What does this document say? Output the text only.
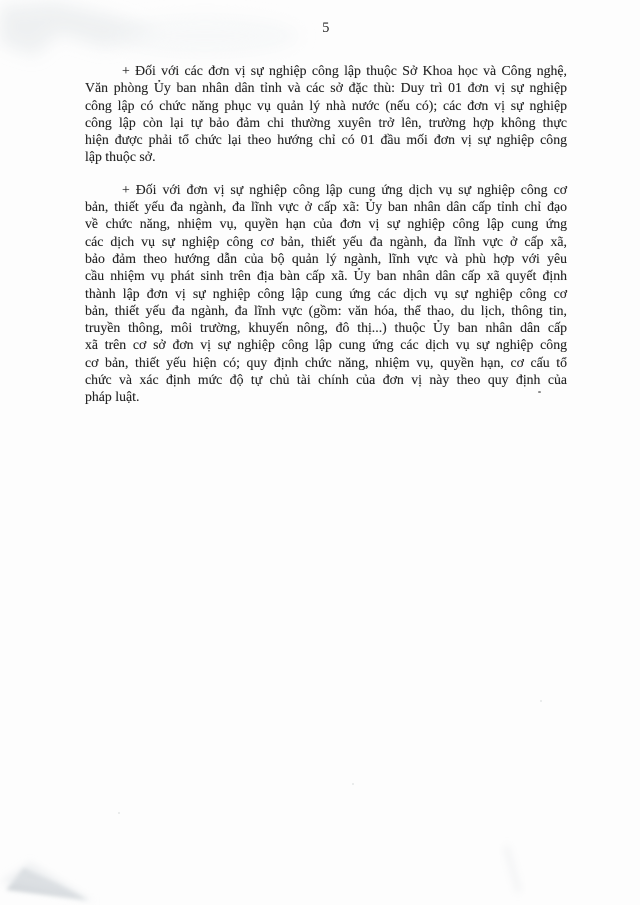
5
+ Đối với các đơn vị sự nghiệp công lập thuộc Sở Khoa học và Công nghệ,
Văn phòng Ủy ban nhân dân tỉnh và các sở đặc thù: Duy trì 01 đơn vị sự nghiệp
công lập có chức năng phục vụ quản lý nhà nước (nếu có); các đơn vị sự nghiệp
công lập còn lại tự bảo đảm chi thường xuyên trở lên, trường hợp không thực
hiện được phải tổ chức lại theo hướng chỉ có 01 đầu mối đơn vị sự nghiệp công
lập thuộc sở.
+ Đối với đơn vị sự nghiệp công lập cung ứng dịch vụ sự nghiệp công cơ
bản, thiết yếu đa ngành, đa lĩnh vực ở cấp xã: Ủy ban nhân dân cấp tỉnh chỉ đạo
về chức năng, nhiệm vụ, quyền hạn của đơn vị sự nghiệp công lập cung ứng
các dịch vụ sự nghiệp công cơ bản, thiết yếu đa ngành, đa lĩnh vực ở cấp xã,
bảo đảm theo hướng dẫn của bộ quản lý ngành, lĩnh vực và phù hợp với yêu
cầu nhiệm vụ phát sinh trên địa bàn cấp xã. Ủy ban nhân dân cấp xã quyết định
thành lập đơn vị sự nghiệp công lập cung ứng các dịch vụ sự nghiệp công cơ
bản, thiết yếu đa ngành, đa lĩnh vực (gồm: văn hóa, thể thao, du lịch, thông tin,
truyền thông, môi trường, khuyến nông, đô thị...) thuộc Ủy ban nhân dân cấp
xã trên cơ sở đơn vị sự nghiệp công lập cung ứng các dịch vụ sự nghiệp công
cơ bản, thiết yếu hiện có; quy định chức năng, nhiệm vụ, quyền hạn, cơ cấu tổ
chức và xác định mức độ tự chủ tài chính của đơn vị này theo quy định của
pháp luật.
